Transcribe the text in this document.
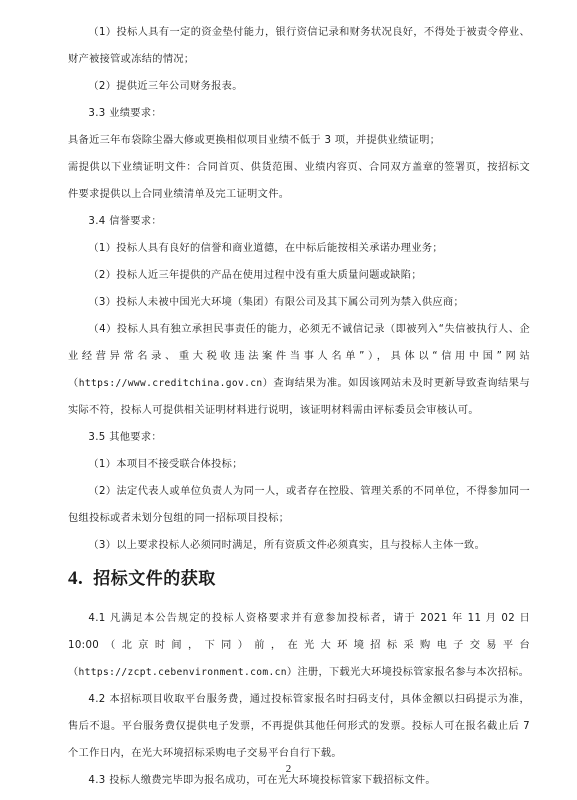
（1）投标人具有一定的资金垫付能力，银行资信记录和财务状况良好，不得处于被责令停业、财产被接管或冻结的情况；

（2）提供近三年公司财务报表。

3.3 业绩要求：

具备近三年布袋除尘器大修或更换相似项目业绩不低于 3 项，并提供业绩证明；

需提供以下业绩证明文件：合同首页、供货范围、业绩内容页、合同双方盖章的签署页，按招标文件要求提供以上合同业绩清单及完工证明文件。

3.4 信誉要求：

（1）投标人具有良好的信誉和商业道德，在中标后能按相关承诺办理业务；

（2）投标人近三年提供的产品在使用过程中没有重大质量问题或缺陷；

（3）投标人未被中国光大环境（集团）有限公司及其下属公司列为禁入供应商；

（4）投标人具有独立承担民事责任的能力，必须无不诚信记录（即被列入“失信被执行人、企业经营异常名录、重大税收违法案件当事人名单”），具体以“信用中国”网站（https://www.creditchina.gov.cn）查询结果为准。如因该网站未及时更新导致查询结果与实际不符，投标人可提供相关证明材料进行说明，该证明材料需由评标委员会审核认可。

3.5 其他要求：

（1）本项目不接受联合体投标；

（2）法定代表人或单位负责人为同一人，或者存在控股、管理关系的不同单位，不得参加同一包组投标或者未划分包组的同一招标项目投标；

（3）以上要求投标人必须同时满足，所有资质文件必须真实，且与投标人主体一致。

4. 招标文件的获取

4.1 凡满足本公告规定的投标人资格要求并有意参加投标者，请于 2021 年 11 月 02 日 10:00（北京时间，下同）前，在光大环境招标采购电子交易平台（https://zcpt.cebenvironment.com.cn）注册，下载光大环境投标管家报名参与本次招标。

4.2 本招标项目收取平台服务费，通过投标管家报名时扫码支付，具体金额以扫码提示为准，售后不退。平台服务费仅提供电子发票，不再提供其他任何形式的发票。投标人可在报名截止后 7 个工作日内，在光大环境招标采购电子交易平台自行下载。

4.3 投标人缴费完毕即为报名成功，可在光大环境投标管家下载招标文件。

2
